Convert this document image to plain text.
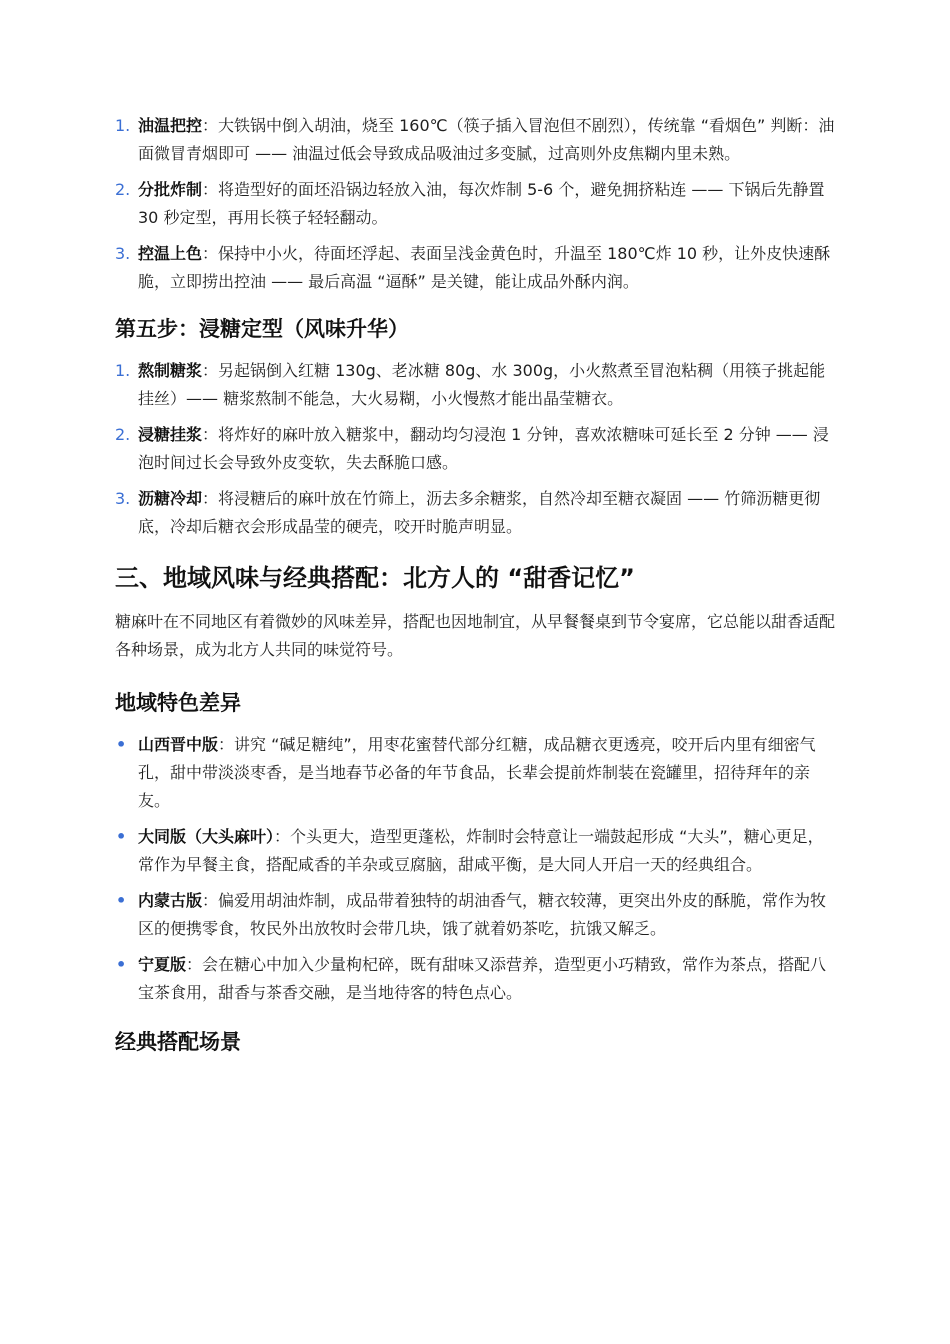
1. 油温把控：大铁锅中倒入胡油，烧至 160℃（筷子插入冒泡但不剧烈），传统靠 “看烟色” 判断：油面微冒青烟即可 —— 油温过低会导致成品吸油过多变腻，过高则外皮焦糊内里未熟。
2. 分批炸制：将造型好的面坯沿锅边轻放入油，每次炸制 5-6 个，避免拥挤粘连 —— 下锅后先静置 30 秒定型，再用长筷子轻轻翻动。
3. 控温上色：保持中小火，待面坯浮起、表面呈浅金黄色时，升温至 180℃炸 10 秒，让外皮快速酥脆，立即捞出控油 —— 最后高温 “逼酥” 是关键，能让成品外酥内润。
第五步：浸糖定型（风味升华）
1. 熬制糖浆：另起锅倒入红糖 130g、老冰糖 80g、水 300g，小火熬煮至冒泡粘稠（用筷子挑起能挂丝）—— 糖浆熬制不能急，大火易糊，小火慢熬才能出晶莹糖衣。
2. 浸糖挂浆：将炸好的麻叶放入糖浆中，翻动均匀浸泡 1 分钟，喜欢浓糖味可延长至 2 分钟 —— 浸泡时间过长会导致外皮变软，失去酥脆口感。
3. 沥糖冷却：将浸糖后的麻叶放在竹筛上，沥去多余糖浆，自然冷却至糖衣凝固 —— 竹筛沥糖更彻底，冷却后糖衣会形成晶莹的硬壳，咬开时脆声明显。
三、地域风味与经典搭配：北方人的 “甜香记忆”

糖麻叶在不同地区有着微妙的风味差异，搭配也因地制宜，从早餐餐桌到节令宴席，它总能以甜香适配各种场景，成为北方人共同的味觉符号。

地域特色差异
• 山西晋中版：讲究 “碱足糖纯”，用枣花蜜替代部分红糖，成品糖衣更透亮，咬开后内里有细密气孔，甜中带淡淡枣香，是当地春节必备的年节食品，长辈会提前炸制装在瓷罐里，招待拜年的亲友。
• 大同版（大头麻叶）：个头更大，造型更蓬松，炸制时会特意让一端鼓起形成 “大头”，糖心更足，常作为早餐主食，搭配咸香的羊杂或豆腐脑，甜咸平衡，是大同人开启一天的经典组合。
• 内蒙古版：偏爱用胡油炸制，成品带着独特的胡油香气，糖衣较薄，更突出外皮的酥脆，常作为牧区的便携零食，牧民外出放牧时会带几块，饿了就着奶茶吃，抗饿又解乏。
• 宁夏版：会在糖心中加入少量枸杞碎，既有甜味又添营养，造型更小巧精致，常作为茶点，搭配八宝茶食用，甜香与茶香交融，是当地待客的特色点心。
经典搭配场景
